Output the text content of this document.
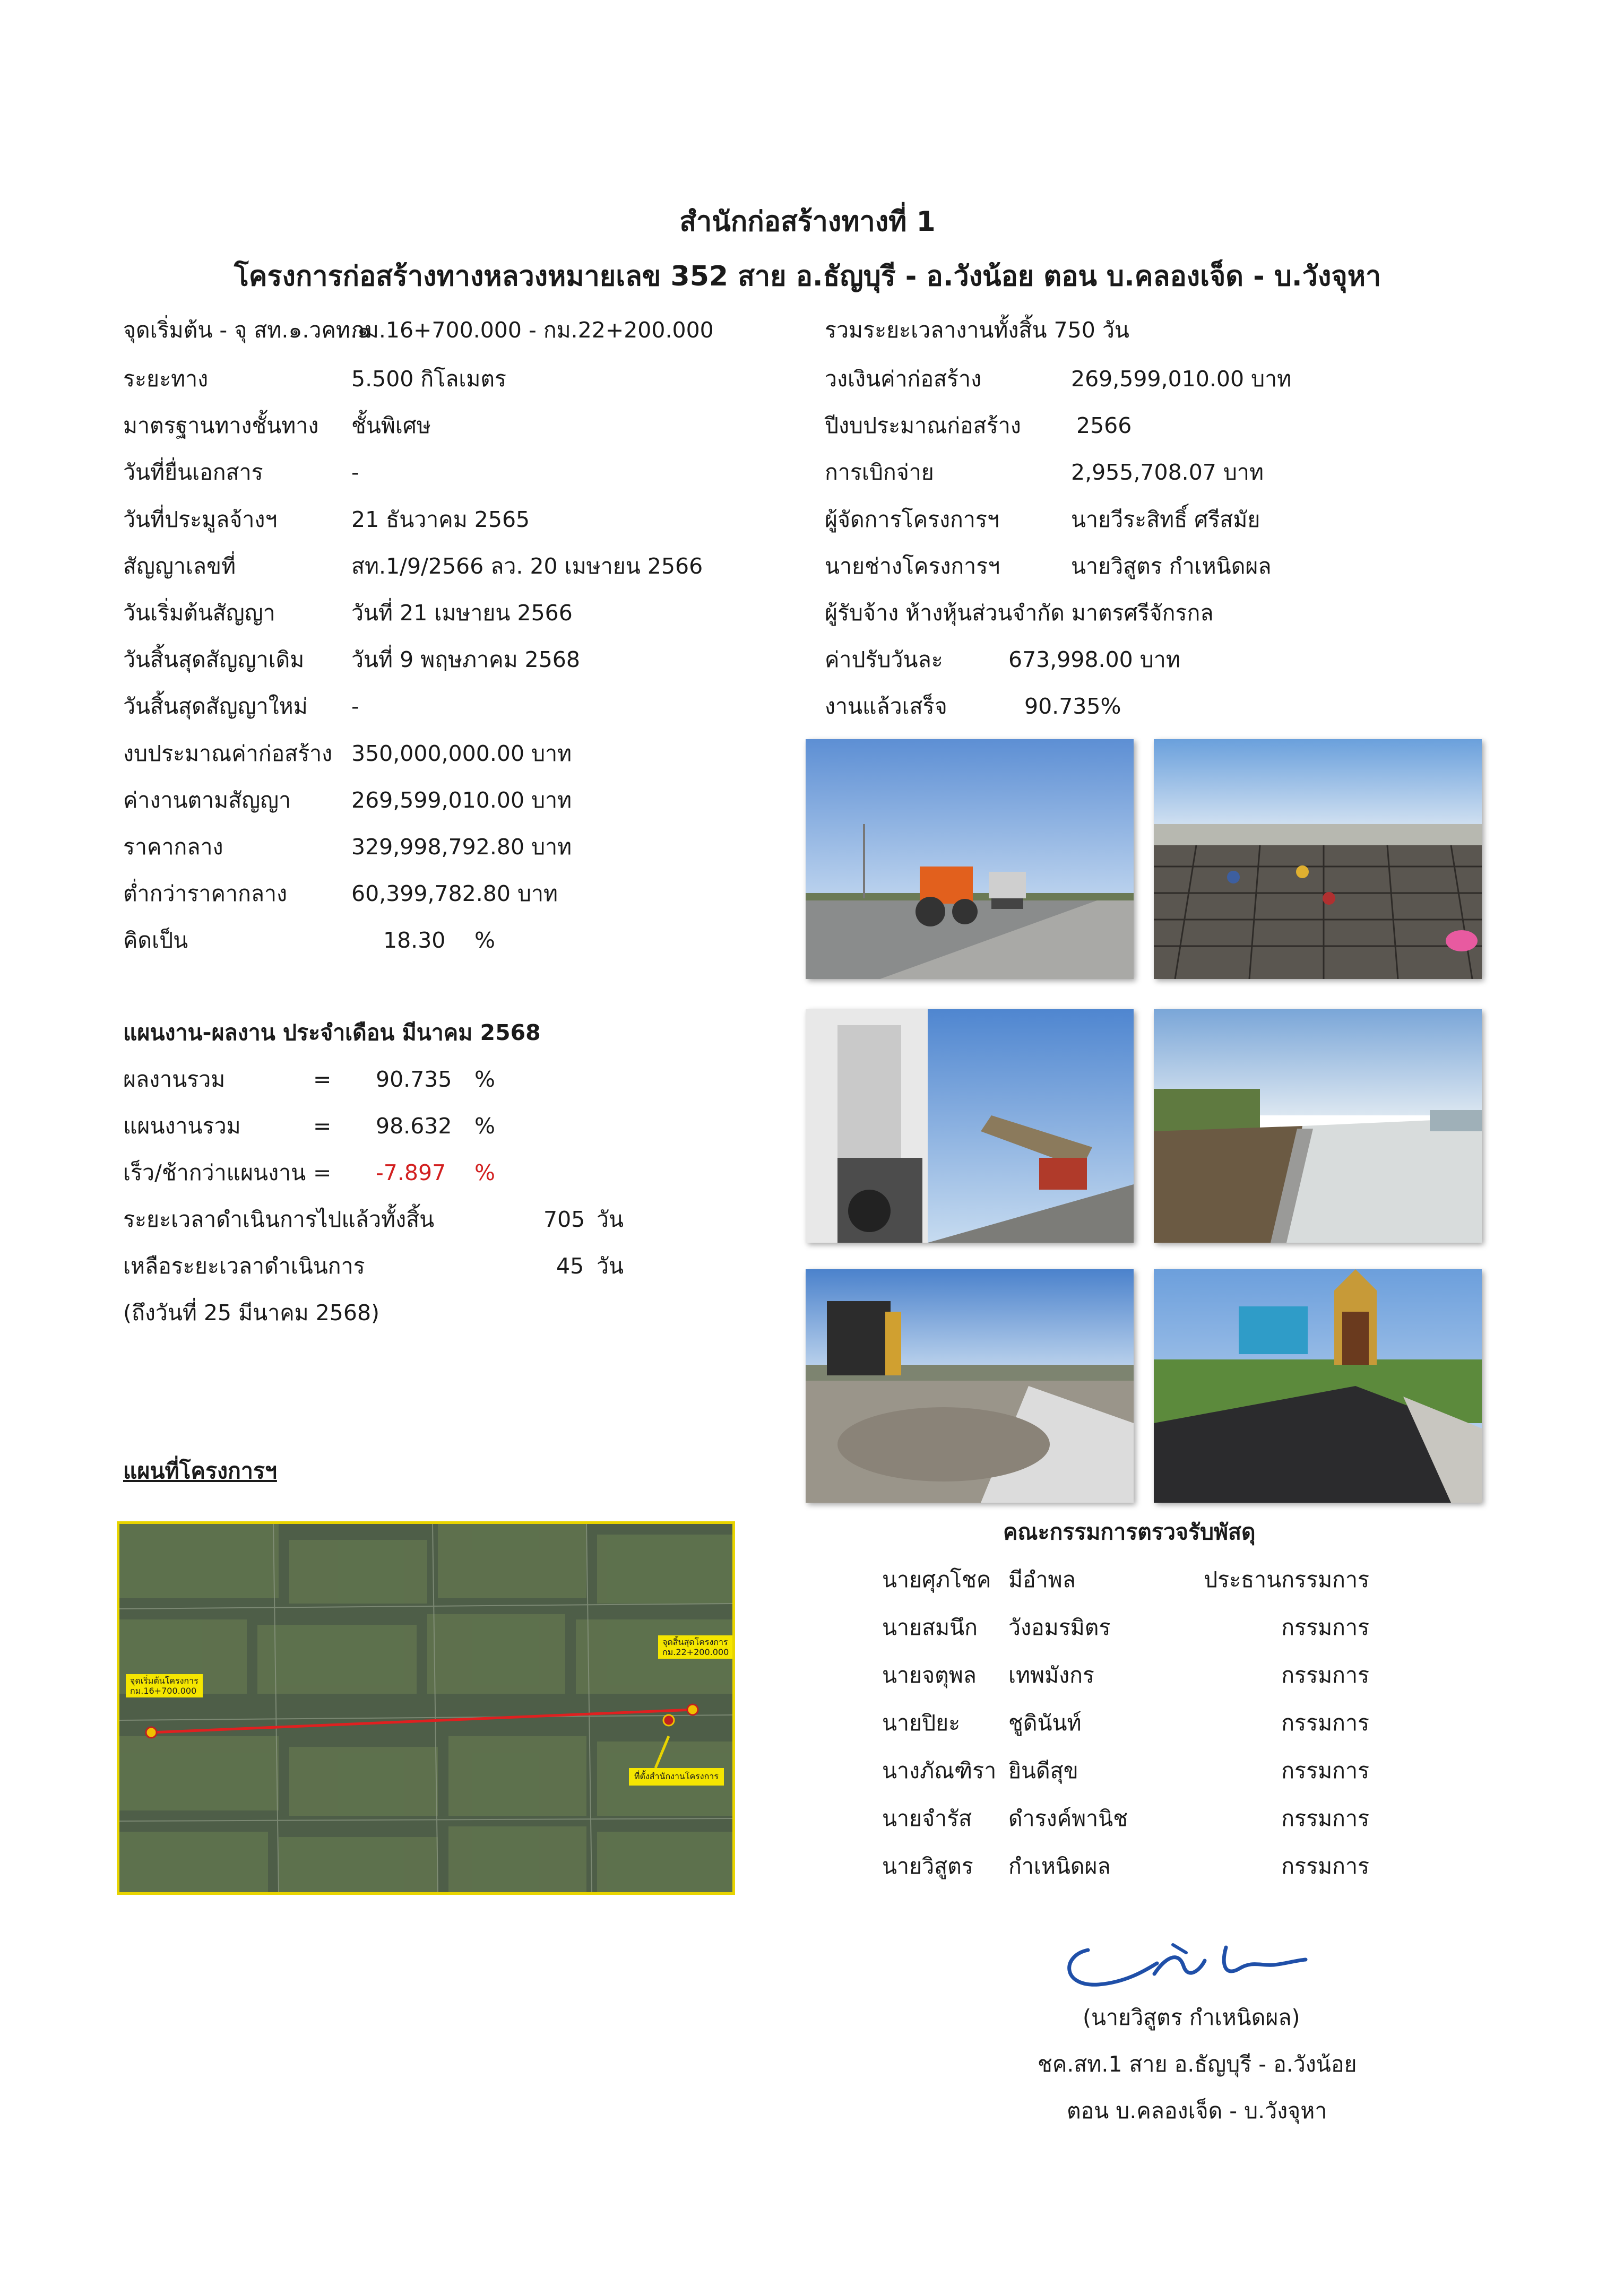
สำนักก่อสร้างทางที่ 1
โครงการก่อสร้างทางหลวงหมายเลข 352 สาย อ.ธัญบุรี - อ.วังน้อย ตอน บ.คลองเจ็ด - บ.วังจุหา
จุดเริ่มต้น - จุ สท.๑.วคท.๑
กม.16+700.000 - กม.22+200.000
ระยะทาง	5.500 กิโลเมตร
มาตรฐานทางชั้นทาง ชั้นพิเศษ
วันที่ยื่นเอกสาร	-
วันที่ประมูลจ้างฯ	21 ธันวาคม 2565
สัญญาเลขที่	สท.1/9/2566 ลว. 20 เมษายน 2566
วันเริ่มต้นสัญญา	วันที่ 21 เมษายน 2566
วันสิ้นสุดสัญญาเดิม วันที่ 9 พฤษภาคม 2568
วันสิ้นสุดสัญญาใหม่ -
งบประมาณค่าก่อสร้าง 350,000,000.00 บาท
ค่างานตามสัญญา	269,599,010.00 บาท
ราคากลาง	329,998,792.80 บาท
ต่ำกว่าราคากลาง	60,399,782.80 บาท
คิดเป็น	18.30 %
รวมระยะเวลางานทั้งสิ้น 750 วัน
วงเงินค่าก่อสร้าง	269,599,010.00 บาท
ปีงบประมาณก่อสร้าง	2566
การเบิกจ่าย	2,955,708.07 บาท
ผู้จัดการโครงการฯ	นายวีระสิทธิ์ ศรีสมัย
นายช่างโครงการฯ	นายวิสูตร กำเหนิดผล
ผู้รับจ้าง ห้างหุ้นส่วนจำกัด มาตรศรีจักรกล
ค่าปรับวันละ	673,998.00 บาท
งานแล้วเสร็จ	90.735%
แผนงาน-ผลงาน ประจำเดือน มีนาคม 2568
ผลงานรวม	= 90.735 %
แผนงานรวม	= 98.632 %
เร็ว/ช้ากว่าแผนงาน = -7.897 %
ระยะเวลาดำเนินการไปแล้วทั้งสิ้น	705 วัน
เหลือระยะเวลาดำเนินการ	45 วัน
(ถึงวันที่ 25 มีนาคม 2568)
แผนที่โครงการฯ
จุดเริ่มต้นโครงการ
กม.16+700.000
จุดสิ้นสุดโครงการ
กม.22+200.000
ที่ตั้งสำนักงานโครงการ
คณะกรรมการตรวจรับพัสดุ
นายศุภโชค มีอำพล	ประธานกรรมการ
นายสมนึก วังอมรมิตร	กรรมการ
นายจตุพล เทพมังกร	กรรมการ
นายปิยะ ชูดินันท์	กรรมการ
นางภัณฑิรา ยินดีสุข	กรรมการ
นายจำรัส ดำรงค์พานิช	กรรมการ
นายวิสูตร กำเหนิดผล	กรรมการ
(นายวิสูตร กำเหนิดผล)
ชค.สท.1 สาย อ.ธัญบุรี - อ.วังน้อย
ตอน บ.คลองเจ็ด - บ.วังจุหา
